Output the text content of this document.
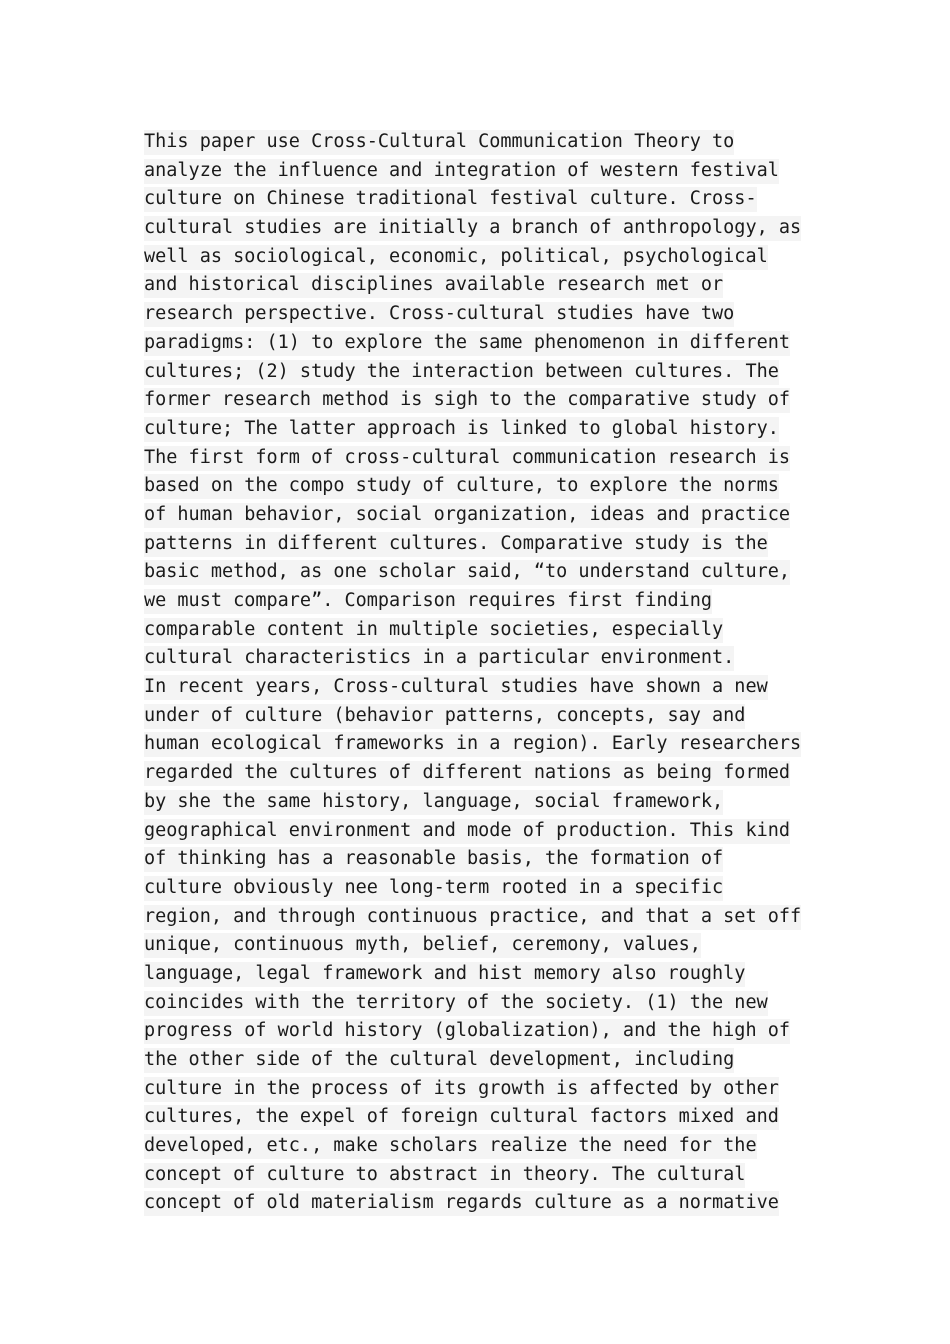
This paper use Cross-Cultural Communication Theory to
analyze the influence and integration of western festival
culture on Chinese traditional festival culture. Cross-
cultural studies are initially a branch of anthropology, as
well as sociological, economic, political, psychological
and historical disciplines available research met or
research perspective. Cross-cultural studies have two
paradigms: (1) to explore the same phenomenon in different
cultures; (2) study the interaction between cultures. The
former research method is sigh to the comparative study of
culture; The latter approach is linked to global history.
The first form of cross-cultural communication research is
based on the compo study of culture, to explore the norms
of human behavior, social organization, ideas and practice
patterns in different cultures. Comparative study is the
basic method, as one scholar said, “to understand culture,
we must compare”. Comparison requires first finding
comparable content in multiple societies, especially
cultural characteristics in a particular environment.
In recent years, Cross-cultural studies have shown a new
under of culture (behavior patterns, concepts, say and
human ecological frameworks in a region). Early researchers
regarded the cultures of different nations as being formed
by she the same history, language, social framework,
geographical environment and mode of production. This kind
of thinking has a reasonable basis, the formation of
culture obviously nee long-term rooted in a specific
region, and through continuous practice, and that a set off
unique, continuous myth, belief, ceremony, values,
language, legal framework and hist memory also roughly
coincides with the territory of the society. (1) the new
progress of world history (globalization), and the high of
the other side of the cultural development, including
culture in the process of its growth is affected by other
cultures, the expel of foreign cultural factors mixed and
developed, etc., make scholars realize the need for the
concept of culture to abstract in theory. The cultural
concept of old materialism regards culture as a normative
